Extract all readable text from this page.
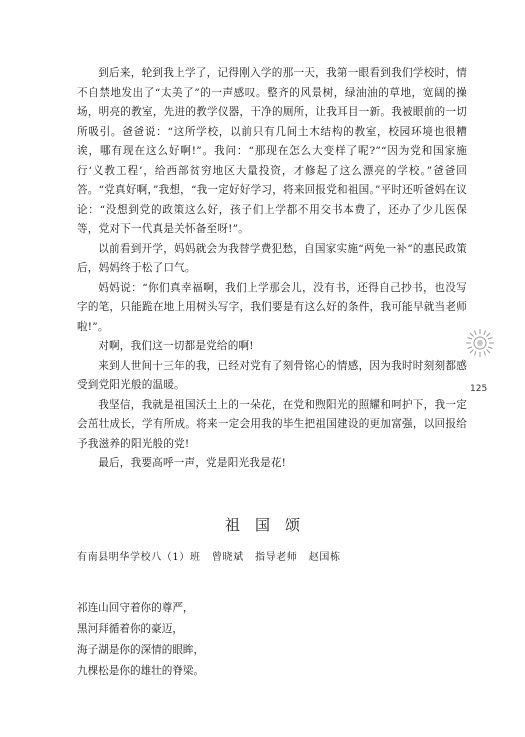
到后来，轮到我上学了，记得刚入学的那一天，我第一眼看到我们学校时，情不自禁地发出了“太美了”的一声感叹。整齐的风景树，绿油油的草地，宽阔的操场，明亮的教室，先进的教学仪器，干净的厕所，让我耳目一新。我被眼前的一切所吸引。爸爸说：“这所学校，以前只有几间土木结构的教室，校园环境也很糟诶，哪有现在这么好啊!”。我问：“那现在怎么大变样了呢?”“因为党和国家施行‘义教工程’，给西部贫穷地区大量投资，才修起了这么漂亮的学校。”爸爸回答。“党真好啊，”我想，“我一定好好学习，将来回报党和祖国。”平时还听爸妈在议论：“没想到党的政策这么好，孩子们上学都不用交书本费了，还办了少儿医保等，党对下一代真是关怀备至呀!”。

以前看到开学，妈妈就会为我替学费犯愁，自国家实施“两免一补”的惠民政策后，妈妈终于松了口气。

妈妈说：“你们真幸福啊，我们上学那会儿，没有书，还得自己抄书，也没写字的笔，只能跪在地上用树头写字，我们要是有这么好的条件，我可能早就当老师啦!”。

对啊，我们这一切都是党给的啊!

来到人世间十三年的我，已经对党有了刻骨铭心的情感，因为我时时刻刻都感受到党阳光般的温暖。

我坚信，我就是祖国沃土上的一朵花，在党和煦阳光的照耀和呵护下，我一定会茁壮成长，学有所成。将来一定会用我的毕生把祖国建设的更加富强，以回报给予我滋养的阳光般的党!

最后，我要高呼一声，党是阳光我是花!

125
祖国颂
有南县明华学校八（1）班   曾晓斌   指导老师   赵国栋
祁连山回守着你的尊严，
黑河拜循着你的豪迈，
海子湖是你的深情的眼眸，
九棵松是你的雄壮的脊梁。
